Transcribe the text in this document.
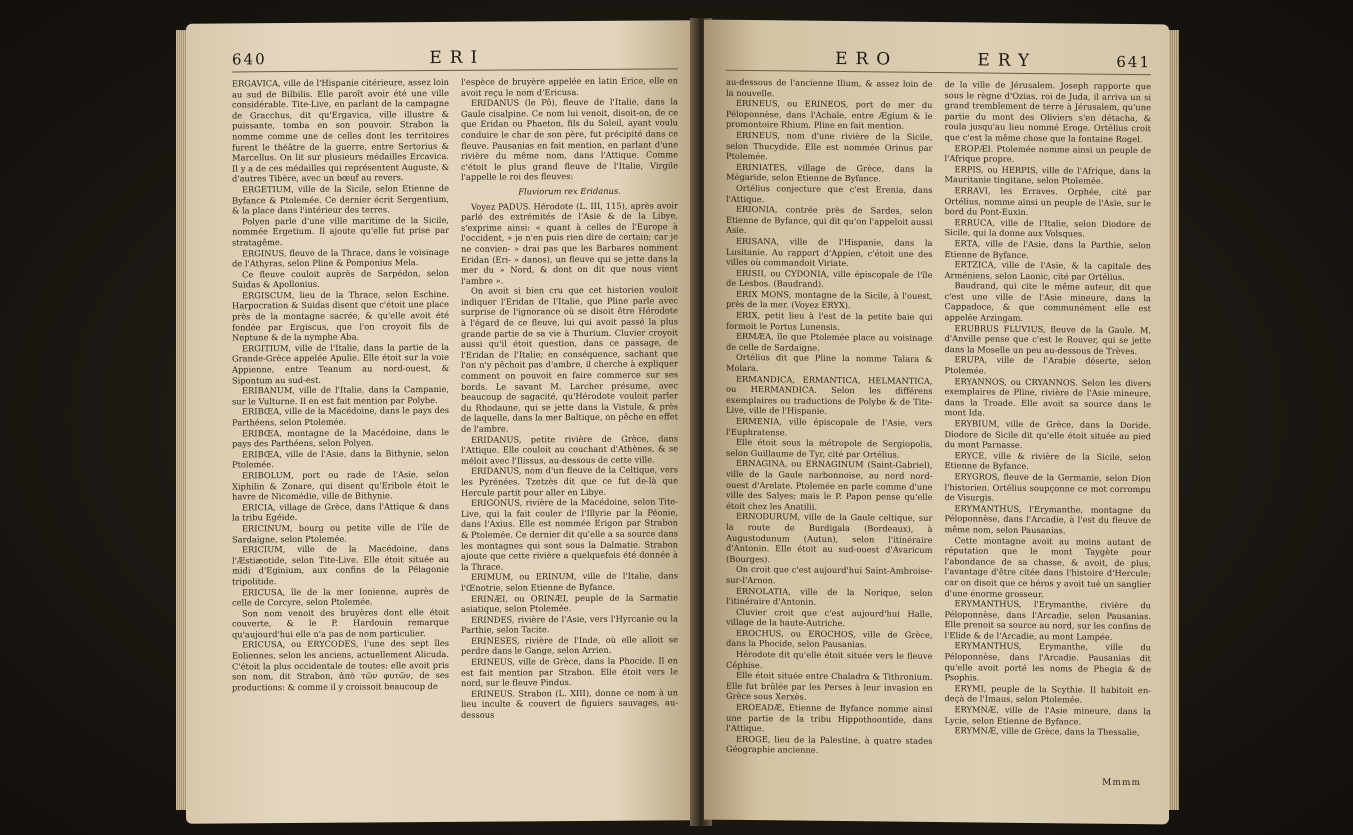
640	ERI

ERGAVICA, ville de l'Hispanie citérieure, assez loin au sud de Bilbilis. Elle paroît avoir été une ville considérable. Tite-Live, en parlant de la campagne de Gracchus, dit qu'Ergavica, ville illustre & puissante, tomba en son pouvoir. Strabon la nomme comme une de celles dont les territoires furent le théâtre de la guerre, entre Sertorius & Marcellus. On lit sur plusieurs médailles Ercavica. Il y a de ces médailles qui représentent Auguste, & d'autres Tibère, avec un bœuf au revers.

ERGETIUM, ville de la Sicile, selon Etienne de Byfance & Ptolemée. Ce dernier écrit Sergentium, & la place dans l'intérieur des terres.

Polyen parle d'une ville maritime de la Sicile, nommée Ergetium. Il ajoute qu'elle fut prise par stratagême.

ERGINUS, fleuve de la Thrace, dans le voisinage de l'Athyras, selon Pline & Pomponius Mela.

Ce fleuve couloit auprès de Sarpédon, selon Suidas & Apollonius.

ERGISCUM, lieu de la Thrace, selon Eschine. Harpocration & Suidas disent que c'étoit une place près de la montagne sacrée, & qu'elle avoit été fondée par Ergiscus, que l'on croyoit fils de Neptune & de la nymphe Aba.

ERGITIUM, ville de l'Italie, dans la partie de la Grande-Grèce appelée Apulie. Elle étoit sur la voie Appienne, entre Teanum au nord-ouest, & Sipontum au sud-est.

ERIBANUM, ville de l'Italie, dans la Campanie, sur le Vulturne. Il en est fait mention par Polybe.

ERIBŒA, ville de la Macédoine, dans le pays des Parthéens, selon Ptolemée.

ERIBŒA, montagne de la Macédoine, dans le pays des Parthéens, selon Polyen.

ERIBŒA, ville de l'Asie, dans la Bithynie, selon Ptolemée.

ERIBOLUM, port ou rade de l'Asie, selon Xiphilin & Zonare, qui disent qu'Eribole étoit le havre de Nicomédie, ville de Bithynie.

ERICIA, village de Grèce, dans l'Attique & dans la tribu Egéide.

ERICINUM, bourg ou petite ville de l'île de Sardaigne, selon Ptolemée.

ERICIUM, ville de la Macédoine, dans l'Æstiæotide, selon Tite-Live. Elle étoit située au midi d'Eginium, aux confins de la Pélagonie tripolitide.

ERICUSA, île de la mer Ionienne, auprès de celle de Corcyre, selon Ptolemée.

Son nom venoit des bruyères dont elle étoit couverte, & le P. Hardouin remarque qu'aujourd'hui elle n'a pas de nom particulier.

ERICUSA, ou ERYCODES, l'une des sept îles Eoliennes, selon les anciens, actuellement Alicuda. C'étoit la plus occidentale de toutes: elle avoit pris son nom, dit Strabon, ἀπὸ τῶν φυτῶν, de ses productions: & comme il y croissoit beaucoup de

l'espèce de bruyère appelée en latin Erice, elle en avoit reçu le nom d'Ericusa.

ERIDANUS (le Pô), fleuve de l'Italie, dans la Gaule cisalpine. Ce nom lui venoit, disoit-on, de ce que Eridan ou Phaeton, fils du Soleil, ayant voulu conduire le char de son père, fut précipité dans ce fleuve. Pausanias en fait mention, en parlant d'une rivière du même nom, dans l'Attique. Comme c'étoit le plus grand fleuve de l'Italie, Virgile l'appelle le roi des fleuves:

Fluviorum rex Eridanus.

Voyez PADUS. Hérodote (L. III, 115), après avoir parlé des extrémités de l'Asie & de la Libye, s'exprime ainsi: « quant à celles de l'Europe à l'occident, » je n'en puis rien dire de certain; car je ne convien- » drai pas que les Barbares nomment Eridan (Eri- » danos), un fleuve qui se jette dans la mer du » Nord, & dont on dit que nous vient l'ambre ».

On avoit si bien cru que cet historien vouloit indiquer l'Eridan de l'Italie, que Pline parle avec surprise de l'ignorance où se disoit être Hérodote à l'égard de ce fleuve, lui qui avoit passé la plus grande partie de sa vie à Thurium. Cluvier croyoit aussi qu'il étoit question, dans ce passage, de l'Eridan de l'Italie; en conséquence, sachant que l'on n'y pêchoit pas d'ambre, il cherche à expliquer comment on pouvoit en faire commerce sur ses bords. Le savant M. Larcher présume, avec beaucoup de sagacité, qu'Hérodote vouloit parler du Rhodaune, qui se jette dans la Vistule, & près de laquelle, dans la mer Baltique, on pêche en effet de l'ambre.

ERIDANUS, petite rivière de Grèce, dans l'Attique. Elle couloit au couchant d'Athènes, & se méloit avec l'Ilissus, au-dessous de cette ville.

ERIDANUS, nom d'un fleuve de la Celtique, vers les Pyrénées. Tzetzès dit que ce fut de-là que Hercule partit pour aller en Libye.

ERIGONUS, rivière de la Macédoine, selon Tite-Live, qui la fait couler de l'Illyrie par la Péonie, dans l'Axius. Elle est nommée Erigon par Strabon & Ptolemée. Ce dernier dit qu'elle a sa source dans les montagnes qui sont sous la Dalmatie. Strabon ajoute que cette rivière a quelquefois été donnée à la Thrace.

ERIMUM, ou ERINUM, ville de l'Italie, dans l'Œnotrie, selon Etienne de Byfance.

ERINÆI, ou ORINÆI, peuple de la Sarmatie asiatique, selon Ptolemée.

ERINDES, rivière de l'Asie, vers l'Hyrcanie ou la Parthie, selon Tacite.

ERINESES, rivière de l'Inde, où elle alloit se perdre dans le Gange, selon Arrien.

ERINEUS, ville de Grèce, dans la Phocide. Il en est fait mention par Strabon. Elle étoit vers le nord, sur le fleuve Pindus.

ERINEUS. Strabon (L. XIII), donne ce nom à un lieu inculte & couvert de figuiers sauvages, au-dessous

ERO	ERY	641

au-dessous de l'ancienne Ilium, & assez loin de la nouvelle.

ERINEUS, ou ERINEOS, port de mer du Péloponnèse, dans l'Achaïe, entre Ægium & le promontoire Rhium. Pline en fait mention.

ERINEUS, nom d'une rivière de la Sicile, selon Thucydide. Elle est nommée Orinus par Ptolemée.

ERINIATES, village de Grèce, dans la Mégaride, selon Etienne de Byfance.

Ortélius conjecture que c'est Erenia, dans l'Attique.

ERIONIA, contrée près de Sardes, selon Etienne de Byfance, qui dit qu'on l'appeloit aussi Asie.

ERISANA, ville de l'Hispanie, dans la Lusitanie. Au rapport d'Appien, c'étoit une des villes où commandoit Viriate.

ERISII, ou CYDONIA, ville épiscopale de l'île de Lesbos. (Baudrand).

ERIX MONS, montagne de la Sicile, à l'ouest, près de la mer. (Voyez ERYX).

ERIX, petit lieu à l'est de la petite baie qui formoit le Portus Lunensis.

ERMÆA, île que Ptolemée place au voisinage de celle de Sardaigne.

Ortélius dit que Pline la nomme Talara & Molara.

ERMANDICA, ERMANTICA, HELMANTICA, ou HERMANDICA. Selon les différens exemplaires ou traductions de Polybe & de Tite-Live, ville de l'Hispanie.

ERMENIA, ville épiscopale de l'Asie, vers l'Euphratense.

Elle étoit sous la métropole de Sergiopolis, selon Guillaume de Tyr, cité par Ortélius.

ERNAGINA, ou ERNAGINUM (Saint-Gabriel), ville de la Gaule narbonnoise, au nord nord-ouest d'Arelate. Ptolemée en parle comme d'une ville des Salyes; mais le P. Papon pense qu'elle étoit chez les Anatilii.

ERNODURUM, ville de la Gaule celtique, sur la route de Burdigala (Bordeaux), à Augustodunum (Autun), selon l'itinéraire d'Antonin. Elle étoit au sud-ouest d'Avaricum (Bourges).

On croit que c'est aujourd'hui Saint-Ambroise-sur-l'Arnon.

ERNOLATIA, ville de la Norique, selon l'itinéraire d'Antonin.

Cluvier croit que c'est aujourd'hui Halle, village de la haute-Autriche.

EROCHUS, ou EROCHOS, ville de Grèce, dans la Phocide, selon Pausanias.

Hérodote dit qu'elle étoit située vers le fleuve Céphise.

Elle étoit située entre Chaladra & Tithronium. Elle fut brûlée par les Perses à leur invasion en Grèce sous Xerxès.

EROEADÆ, Etienne de Byfance nomme ainsi une partie de la tribu Hippothoontide, dans l'Attique.

EROGE, lieu de la Palestine, à quatre stades Géographie ancienne.

de la ville de Jérusalem. Joseph rapporte que sous le règne d'Ozias, roi de Juda, il arriva un si grand tremblement de terre à Jérusalem, qu'une partie du mont des Oliviers s'en détacha, & roula jusqu'au lieu nommé Eroge. Ortélius croit que c'est la même chose que la fontaine Rogel.

EROPÆI. Ptolemée nomme ainsi un peuple de l'Afrique propre.

ERPIS, ou HERPIS, ville de l'Afrique, dans la Mauritanie tingitane, selon Ptolemée.

ERRAVI, les Erraves. Orphée, cité par Ortélius, nomme ainsi un peuple de l'Asie, sur le bord du Pont-Euxin.

ERRUCA, ville de l'Italie, selon Diodore de Sicile, qui la donne aux Volsques.

ERTA, ville de l'Asie, dans la Parthie, selon Etienne de Byfance.

ERTZICA, ville de l'Asie, & la capitale des Arméniens, selon Laonic, cité par Ortélius.

Baudrand, qui cite le même auteur, dit que c'est une ville de l'Asie mineure, dans la Cappadoce, & que communément elle est appelée Arzingam.

ERUBRUS FLUVIUS, fleuve de la Gaule. M. d'Anville pense que c'est le Rouver, qui se jette dans la Moselle un peu au-dessous de Trèves.

ERUPA, ville de l'Arabie déserte, selon Ptolemée.

ERYANNOS, ou CRYANNOS. Selon les divers exemplaires de Pline, rivière de l'Asie mineure, dans la Troade. Elle avoit sa source dans le mont Ida.

ERYBIUM, ville de Grèce, dans la Doride. Diodore de Sicile dit qu'elle étoit située au pied du mont Parnasse.

ERYCE, ville & rivière de la Sicile, selon Etienne de Byfance.

ERYGROS, fleuve de la Germanie, selon Dion l'historien. Ortélius soupçonne ce mot corrompu de Visurgis.

ERYMANTHUS, l'Erymanthe, montagne du Péloponnèse, dans l'Arcadie, à l'est du fleuve de même nom, selon Pausanias.

Cette montagne avoit au moins autant de réputation que le mont Taygète pour l'abondance de sa chasse, & avoit, de plus, l'avantage d'être citée dans l'histoire d'Hercule; car on disoit que ce héros y avoit tué un sanglier d'une énorme grosseur.

ERYMANTHUS, l'Erymanthe, rivière du Péloponnèse, dans l'Arcadie, selon Pausanias. Elle prenoit sa source au nord, sur les confins de l'Elide & de l'Arcadie, au mont Lampée.

ERYMANTHUS, Erymanthe, ville du Péloponnèse, dans l'Arcadie. Pausanias dit qu'elle avoit porté les noms de Phegia & de Psophis.

ERYMI, peuple de la Scythie. Il habitoit en-deçà de l'Imaus, selon Ptolemée.

ERYMNÆ, ville de l'Asie mineure, dans la Lycie, selon Etienne de Byfance.

ERYMNÆ, ville de Grèce, dans la Thessalie,

Mmmm
